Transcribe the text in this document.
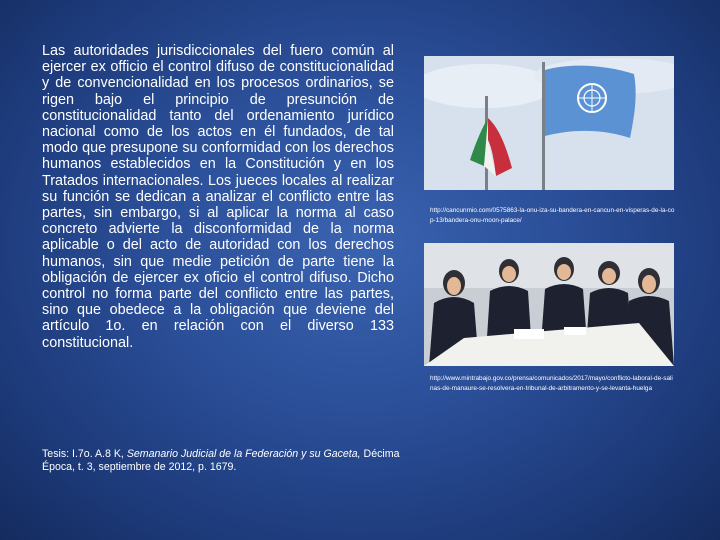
Las autoridades jurisdiccionales del fuero común al ejercer ex officio el control difuso de constitucionalidad y de convencionalidad en los procesos ordinarios, se rigen bajo el principio de presunción de constitucionalidad tanto del ordenamiento jurídico nacional como de los actos en él fundados, de tal modo que presupone su conformidad con los derechos humanos establecidos en la Constitución y en los Tratados internacionales. Los jueces locales al realizar su función se dedican a analizar el conflicto entre las partes, sin embargo, si al aplicar la norma al caso concreto advierte la disconformidad de la norma aplicable o del acto de autoridad con los derechos humanos, sin que medie petición de parte tiene la obligación de ejercer ex oficio el control difuso. Dicho control no forma parte del conflicto entre las partes, sino que obedece a la obligación que deviene del artículo 1o. en relación con el diverso 133 constitucional.

Tesis: I.7o. A.8 K, Semanario Judicial de la Federación y su Gaceta, Décima Época, t. 3, septiembre de 2012, p. 1679.

http://cancunmio.com/0575863-la-onu-iza-su-bandera-en-cancun-en-visperas-de-la-cop-13/bandera-onu-moon-palace/

http://www.mintrabajo.gov.co/prensa/comunicados/2017/mayo/conflicto-laboral-de-salinas-de-manaure-se-resolvera-en-tribunal-de-arbitramento-y-se-levanta-huelga
